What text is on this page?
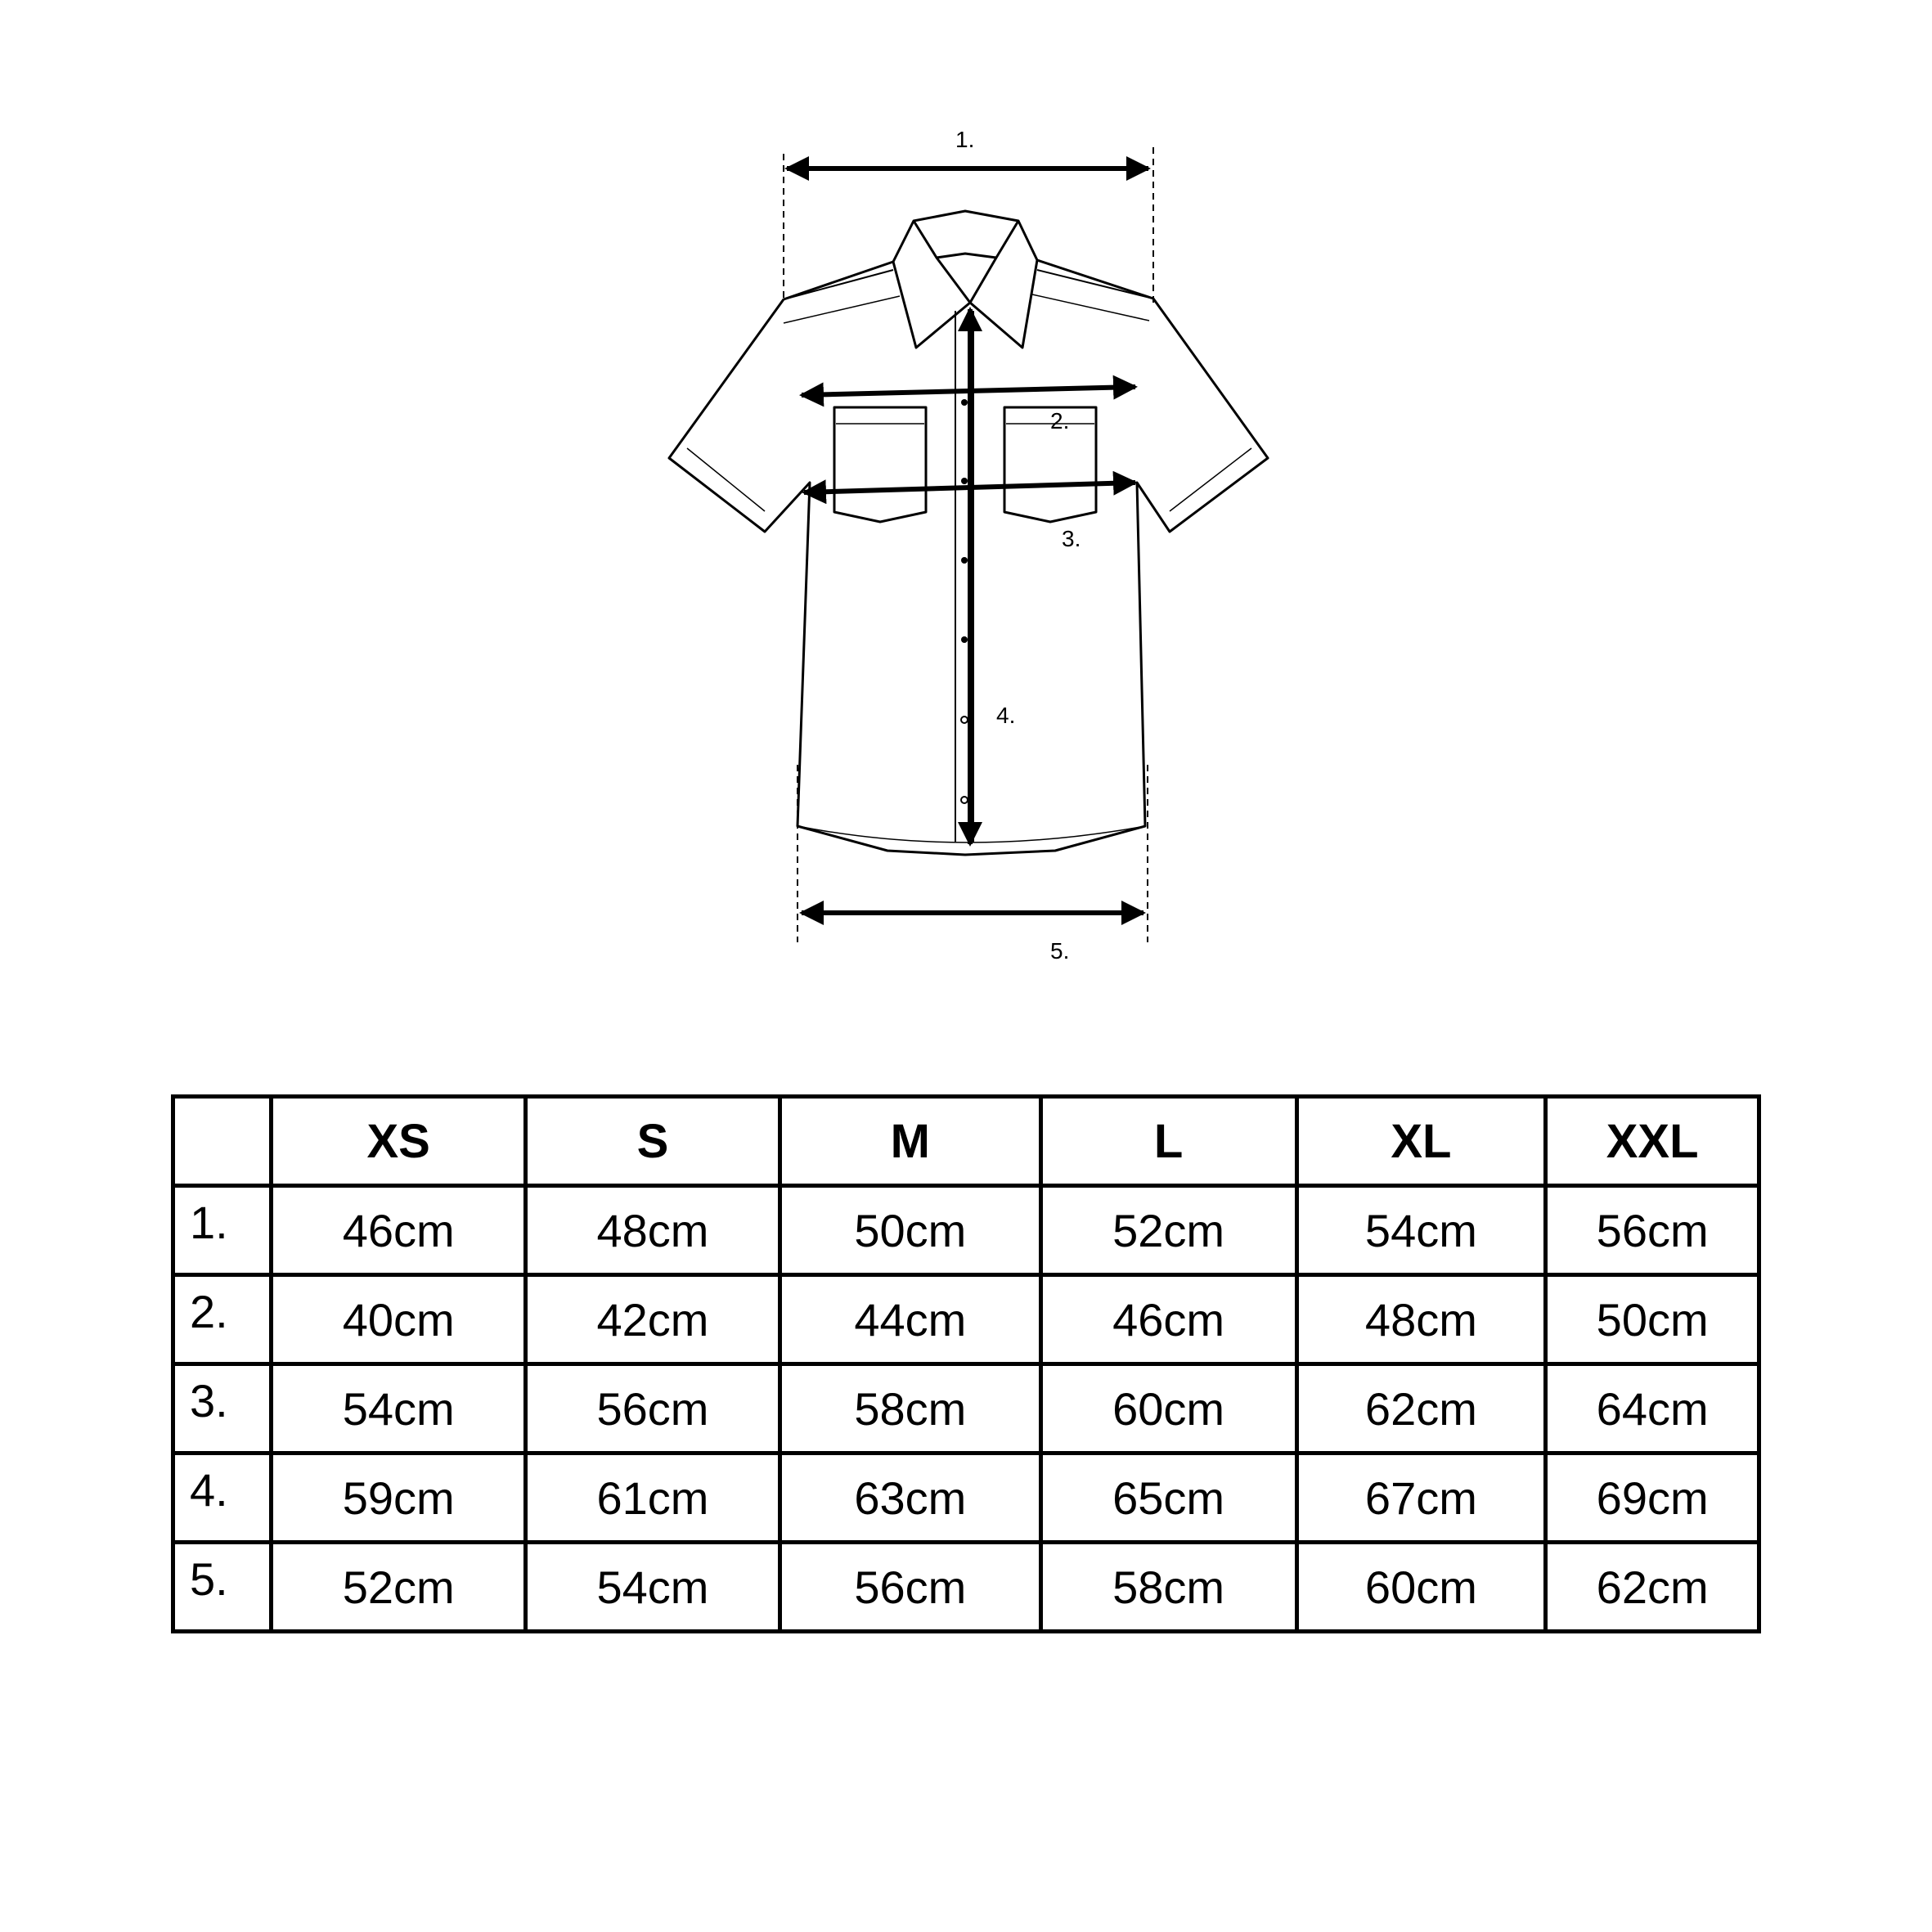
1.
2.
3.
4.
5.
	XS	S	M	L	XL	XXL
1.	46cm	48cm	50cm	52cm	54cm	56cm
2.	40cm	42cm	44cm	46cm	48cm	50cm
3.	54cm	56cm	58cm	60cm	62cm	64cm
4.	59cm	61cm	63cm	65cm	67cm	69cm
5.	52cm	54cm	56cm	58cm	60cm	62cm
